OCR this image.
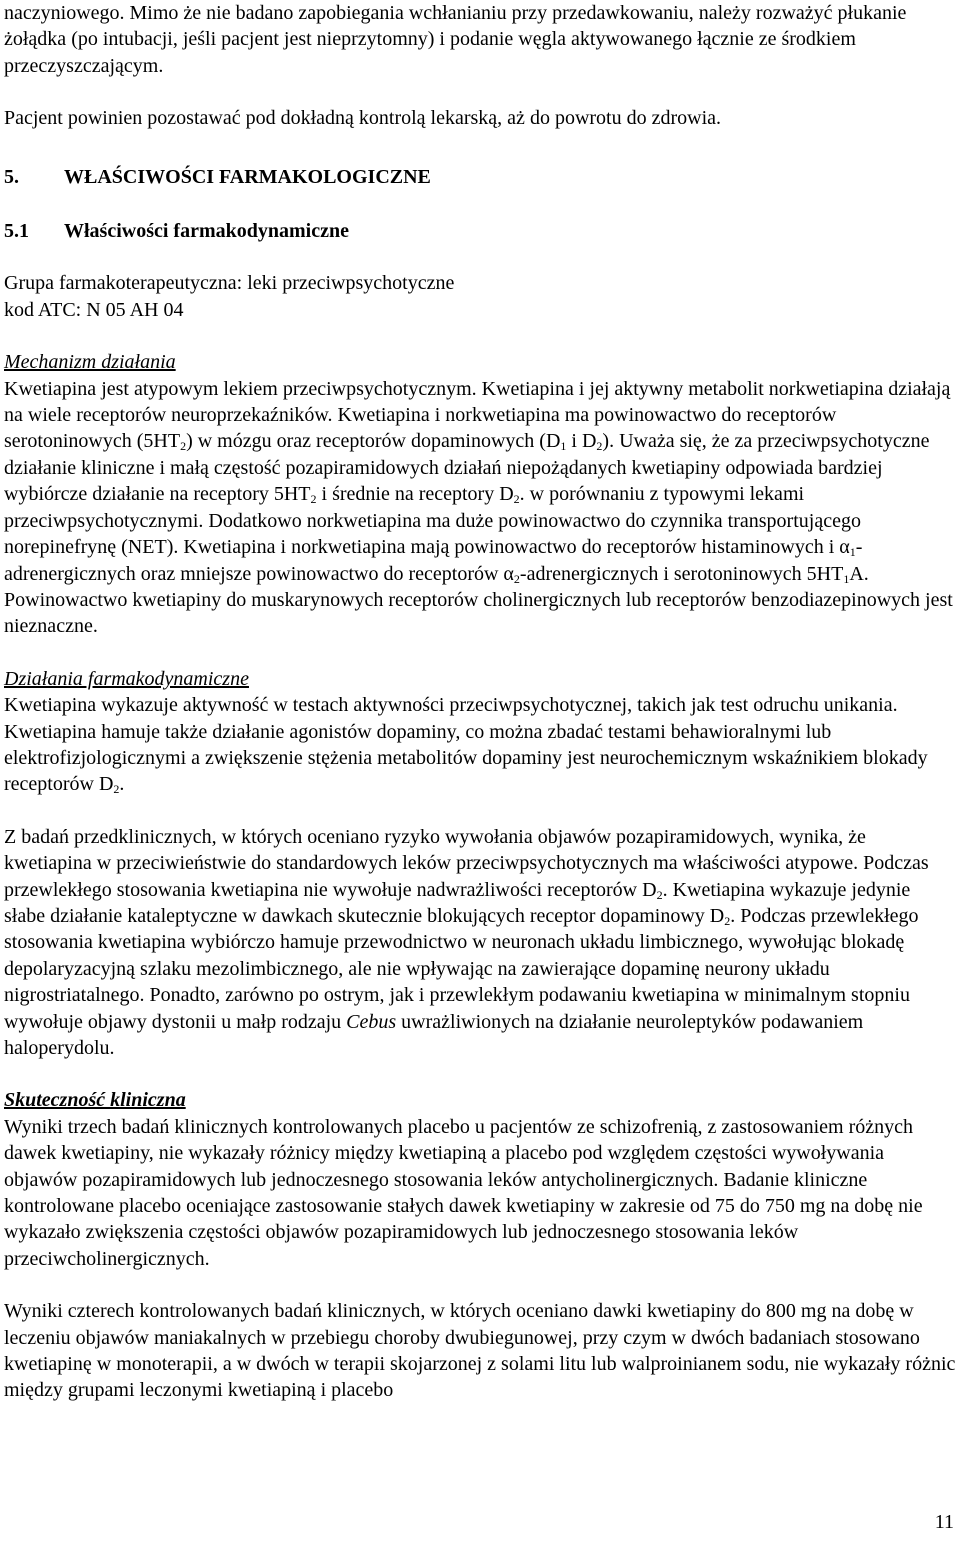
naczyniowego. Mimo że nie badano zapobiegania wchłanianiu przy przedawkowaniu, należy rozważyć płukanie żołądka (po intubacji, jeśli pacjent jest nieprzytomny) i podanie węgla aktywowanego łącznie ze środkiem przeczyszczającym.

Pacjent powinien pozostawać pod dokładną kontrolą lekarską, aż do powrotu do zdrowia.

5. WŁAŚCIWOŚCI FARMAKOLOGICZNE

5.1 Właściwości farmakodynamiczne

Grupa farmakoterapeutyczna: leki przeciwpsychotyczne

kod ATC: N 05 AH 04

Mechanizm działania

Kwetiapina jest atypowym lekiem przeciwpsychotycznym. Kwetiapina i jej aktywny metabolit norkwetiapina działają na wiele receptorów neuroprzekaźników. Kwetiapina i norkwetiapina ma powinowactwo do receptorów serotoninowych $(5HT_2)$ w mózgu oraz receptorów dopaminowych ($D_1$ i $D_2$). Uważa się, że za przeciwpsychotyczne działanie kliniczne i małą częstość pozapiramidowych działań niepożądanych kwetiapiny odpowiada bardziej wybiórcze działanie na receptory $5HT_2$ i średnie na receptory $D_2$. w porównaniu z typowymi lekami przeciwpsychotycznymi. Dodatkowo norkwetiapina ma duże powinowactwo do czynnika transportującego norepinefrynę (NET). Kwetiapina i norkwetiapina mają powinowactwo do receptorów histaminowych i $\alpha_1$-adrenergicznych oraz mniejsze powinowactwo do receptorów $\alpha_2$-adrenergicznych i serotoninowych $5HT_1A$. Powinowactwo kwetiapiny do muskarynowych receptorów cholinergicznych lub receptorów benzodiazepinowych jest nieznaczne.

Działania farmakodynamiczne

Kwetiapina wykazuje aktywność w testach aktywności przeciwpsychotycznej, takich jak test odruchu unikania. Kwetiapina hamuje także działanie agonistów dopaminy, co można zbadać testami behawioralnymi lub elektrofizjologicznymi a zwiększenie stężenia metabolitów dopaminy jest neurochemicznym wskaźnikiem blokady receptorów $D_2$.

Z badań przedklinicznych, w których oceniano ryzyko wywołania objawów pozapiramidowych, wynika, że kwetiapina w przeciwieństwie do standardowych leków przeciwpsychotycznych ma właściwości atypowe. Podczas przewlekłego stosowania kwetiapina nie wywołuje nadwrażliwości receptorów $D_2$. Kwetiapina wykazuje jedynie słabe działanie kataleptyczne w dawkach skutecznie blokujących receptor dopaminowy $D_2$. Podczas przewlekłego stosowania kwetiapina wybiórczo hamuje przewodnictwo w neuronach układu limbicznego, wywołując blokadę depolaryzacyjną szlaku mezolimbicznego, ale nie wpływając na zawierające dopaminę neurony układu nigrostriatalnego. Ponadto, zarówno po ostrym, jak i przewlekłym podawaniu kwetiapina w minimalnym stopniu wywołuje objawy dystonii u małp rodzaju Cebus uwrażliwionych na działanie neuroleptyków podawaniem haloperydolu.

Skuteczność kliniczna

Wyniki trzech badań klinicznych kontrolowanych placebo u pacjentów ze schizofrenią, z zastosowaniem różnych dawek kwetiapiny, nie wykazały różnicy między kwetiapiną a placebo pod względem częstości wywoływania objawów pozapiramidowych lub jednoczesnego stosowania leków antycholinergicznych. Badanie kliniczne kontrolowane placebo oceniające zastosowanie stałych dawek kwetiapiny w zakresie od 75 do 750 mg na dobę nie wykazało zwiększenia częstości objawów pozapiramidowych lub jednoczesnego stosowania leków przeciwcholinergicznych.

Wyniki czterech kontrolowanych badań klinicznych, w których oceniano dawki kwetiapiny do 800 mg na dobę w leczeniu objawów maniakalnych w przebiegu choroby dwubiegunowej, przy czym w dwóch badaniach stosowano kwetiapinę w monoterapii, a w dwóch w terapii skojarzonej z solami litu lub walproinianem sodu, nie wykazały różnic między grupami leczonymi kwetiapiną i placebo

11
